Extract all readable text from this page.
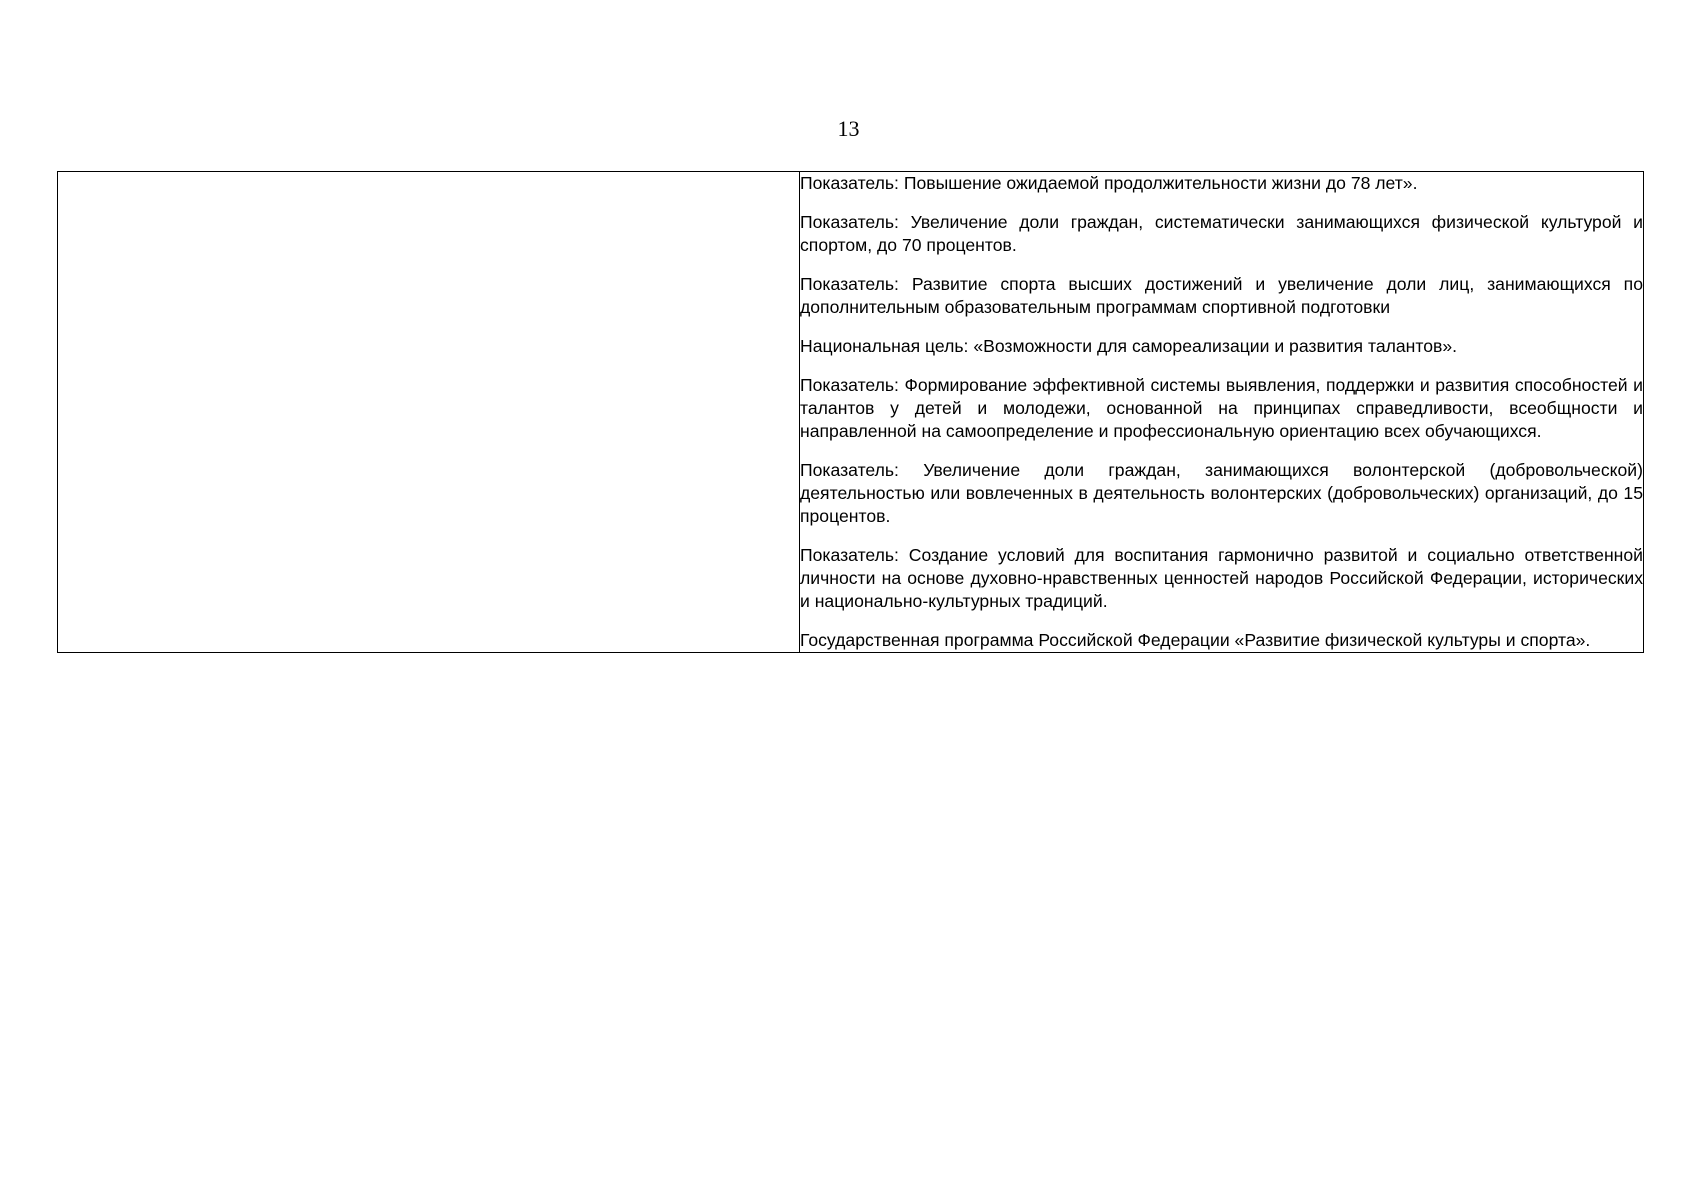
13

Показатель: Повышение ожидаемой продолжительности жизни до 78 лет».

Показатель: Увеличение доли граждан, систематически занимающихся физической культурой и спортом, до 70 процентов.

Показатель: Развитие спорта высших достижений и увеличение доли лиц, занимающихся по дополнительным образовательным программам спортивной подготовки

Национальная цель: «Возможности для самореализации и развития талантов».

Показатель: Формирование эффективной системы выявления, поддержки и развития способностей и талантов у детей и молодежи, основанной на принципах справедливости, всеобщности и направленной на самоопределение и профессиональную ориентацию всех обучающихся.

Показатель: Увеличение доли граждан, занимающихся волонтерской (добровольческой) деятельностью или вовлеченных в деятельность волонтерских (добровольческих) организаций, до 15 процентов.

Показатель: Создание условий для воспитания гармонично развитой и социально ответственной личности на основе духовно-нравственных ценностей народов Российской Федерации, исторических и национально-культурных традиций.

Государственная программа Российской Федерации «Развитие физической культуры и спорта».
